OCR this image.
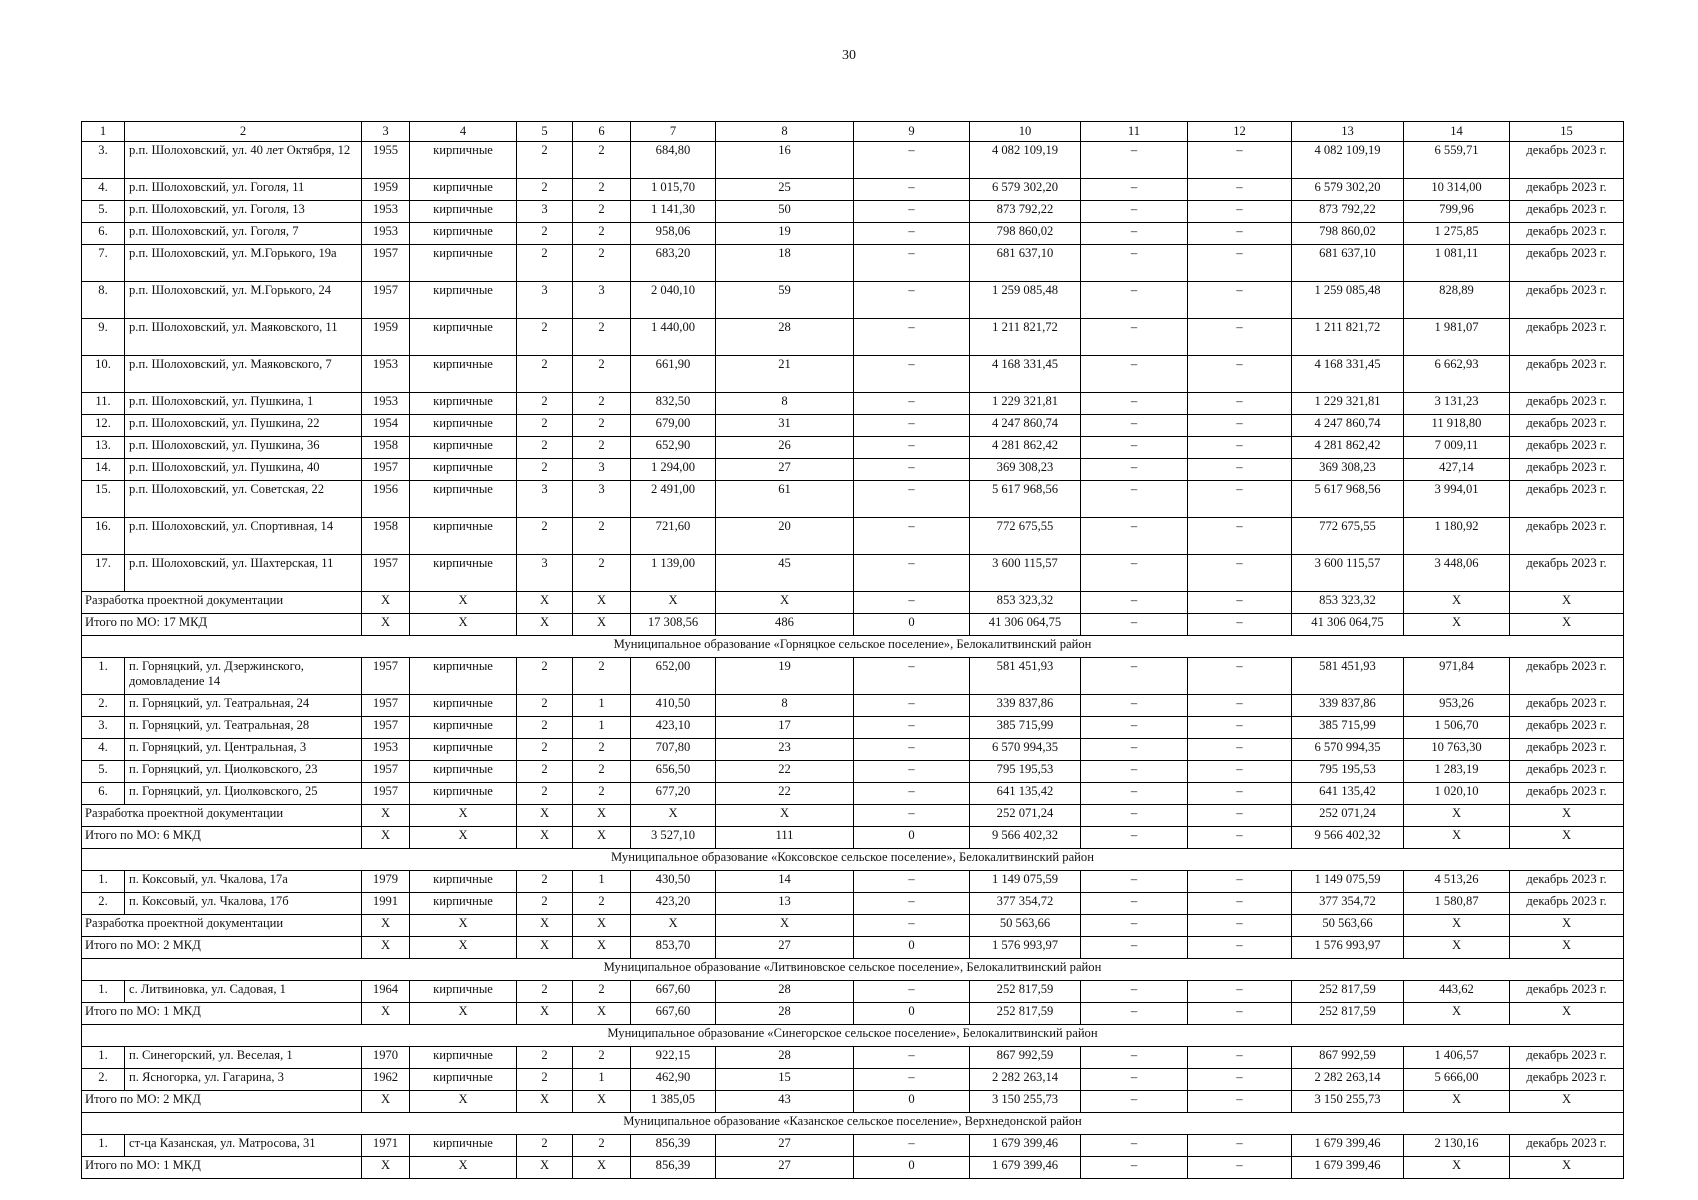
30
1	2	3	4	5	6	7	8	9	10	11	12	13	14	15
3.	р.п. Шолоховский, ул. 40 лет Октября, 12	1955	кирпичные	2	2	684,80	16	–	4 082 109,19	–	–	4 082 109,19	6 559,71	декабрь 2023 г.
4.	р.п. Шолоховский, ул. Гоголя, 11	1959	кирпичные	2	2	1 015,70	25	–	6 579 302,20	–	–	6 579 302,20	10 314,00	декабрь 2023 г.
5.	р.п. Шолоховский, ул. Гоголя, 13	1953	кирпичные	3	2	1 141,30	50	–	873 792,22	–	–	873 792,22	799,96	декабрь 2023 г.
6.	р.п. Шолоховский, ул. Гоголя, 7	1953	кирпичные	2	2	958,06	19	–	798 860,02	–	–	798 860,02	1 275,85	декабрь 2023 г.
7.	р.п. Шолоховский, ул. М.Горького, 19а	1957	кирпичные	2	2	683,20	18	–	681 637,10	–	–	681 637,10	1 081,11	декабрь 2023 г.
8.	р.п. Шолоховский, ул. М.Горького, 24	1957	кирпичные	3	3	2 040,10	59	–	1 259 085,48	–	–	1 259 085,48	828,89	декабрь 2023 г.
9.	р.п. Шолоховский, ул. Маяковского, 11	1959	кирпичные	2	2	1 440,00	28	–	1 211 821,72	–	–	1 211 821,72	1 981,07	декабрь 2023 г.
10.	р.п. Шолоховский, ул. Маяковского, 7	1953	кирпичные	2	2	661,90	21	–	4 168 331,45	–	–	4 168 331,45	6 662,93	декабрь 2023 г.
11.	р.п. Шолоховский, ул. Пушкина, 1	1953	кирпичные	2	2	832,50	8	–	1 229 321,81	–	–	1 229 321,81	3 131,23	декабрь 2023 г.
12.	р.п. Шолоховский, ул. Пушкина, 22	1954	кирпичные	2	2	679,00	31	–	4 247 860,74	–	–	4 247 860,74	11 918,80	декабрь 2023 г.
13.	р.п. Шолоховский, ул. Пушкина, 36	1958	кирпичные	2	2	652,90	26	–	4 281 862,42	–	–	4 281 862,42	7 009,11	декабрь 2023 г.
14.	р.п. Шолоховский, ул. Пушкина, 40	1957	кирпичные	2	3	1 294,00	27	–	369 308,23	–	–	369 308,23	427,14	декабрь 2023 г.
15.	р.п. Шолоховский, ул. Советская, 22	1956	кирпичные	3	3	2 491,00	61	–	5 617 968,56	–	–	5 617 968,56	3 994,01	декабрь 2023 г.
16.	р.п. Шолоховский, ул. Спортивная, 14	1958	кирпичные	2	2	721,60	20	–	772 675,55	–	–	772 675,55	1 180,92	декабрь 2023 г.
17.	р.п. Шолоховский, ул. Шахтерская, 11	1957	кирпичные	3	2	1 139,00	45	–	3 600 115,57	–	–	3 600 115,57	3 448,06	декабрь 2023 г.
Разработка проектной документации		X	X	X	X	X	X	–	853 323,32	–	–	853 323,32	X	X
Итого по МО: 17 МКД		X	X	X	X	17 308,56	486	0	41 306 064,75	–	–	41 306 064,75	X	X
Муниципальное образование «Горняцкое сельское поселение», Белокалитвинский район														
1.	п. Горняцкий, ул. Дзержинского, домовладение 14	1957	кирпичные	2	2	652,00	19	–	581 451,93	–	–	581 451,93	971,84	декабрь 2023 г.
2.	п. Горняцкий, ул. Театральная, 24	1957	кирпичные	2	1	410,50	8	–	339 837,86	–	–	339 837,86	953,26	декабрь 2023 г.
3.	п. Горняцкий, ул. Театральная, 28	1957	кирпичные	2	1	423,10	17	–	385 715,99	–	–	385 715,99	1 506,70	декабрь 2023 г.
4.	п. Горняцкий, ул. Центральная, 3	1953	кирпичные	2	2	707,80	23	–	6 570 994,35	–	–	6 570 994,35	10 763,30	декабрь 2023 г.
5.	п. Горняцкий, ул. Циолковского, 23	1957	кирпичные	2	2	656,50	22	–	795 195,53	–	–	795 195,53	1 283,19	декабрь 2023 г.
6.	п. Горняцкий, ул. Циолковского, 25	1957	кирпичные	2	2	677,20	22	–	641 135,42	–	–	641 135,42	1 020,10	декабрь 2023 г.
Разработка проектной документации		X	X	X	X	X	X	–	252 071,24	–	–	252 071,24	X	X
Итого по МО: 6 МКД		X	X	X	X	3 527,10	111	0	9 566 402,32	–	–	9 566 402,32	X	X
Муниципальное образование «Коксовское сельское поселение», Белокалитвинский район														
1.	п. Коксовый, ул. Чкалова, 17а	1979	кирпичные	2	1	430,50	14	–	1 149 075,59	–	–	1 149 075,59	4 513,26	декабрь 2023 г.
2.	п. Коксовый, ул. Чкалова, 17б	1991	кирпичные	2	2	423,20	13	–	377 354,72	–	–	377 354,72	1 580,87	декабрь 2023 г.
Разработка проектной документации		X	X	X	X	X	X	–	50 563,66	–	–	50 563,66	X	X
Итого по МО: 2 МКД		X	X	X	X	853,70	27	0	1 576 993,97	–	–	1 576 993,97	X	X
Муниципальное образование «Литвиновское сельское поселение», Белокалитвинский район														
1.	с. Литвиновка, ул. Садовая, 1	1964	кирпичные	2	2	667,60	28	–	252 817,59	–	–	252 817,59	443,62	декабрь 2023 г.
Итого по МО: 1 МКД		X	X	X	X	667,60	28	0	252 817,59	–	–	252 817,59	X	X
Муниципальное образование «Синегорское сельское поселение», Белокалитвинский район														
1.	п. Синегорский, ул. Веселая, 1	1970	кирпичные	2	2	922,15	28	–	867 992,59	–	–	867 992,59	1 406,57	декабрь 2023 г.
2.	п. Ясногорка, ул. Гагарина, 3	1962	кирпичные	2	1	462,90	15	–	2 282 263,14	–	–	2 282 263,14	5 666,00	декабрь 2023 г.
Итого по МО: 2 МКД		X	X	X	X	1 385,05	43	0	3 150 255,73	–	–	3 150 255,73	X	X
Муниципальное образование «Казанское сельское поселение», Верхнедонской район														
1.	ст-ца Казанская, ул. Матросова, 31	1971	кирпичные	2	2	856,39	27	–	1 679 399,46	–	–	1 679 399,46	2 130,16	декабрь 2023 г.
Итого по МО: 1 МКД		X	X	X	X	856,39	27	0	1 679 399,46	–	–	1 679 399,46	X	X
